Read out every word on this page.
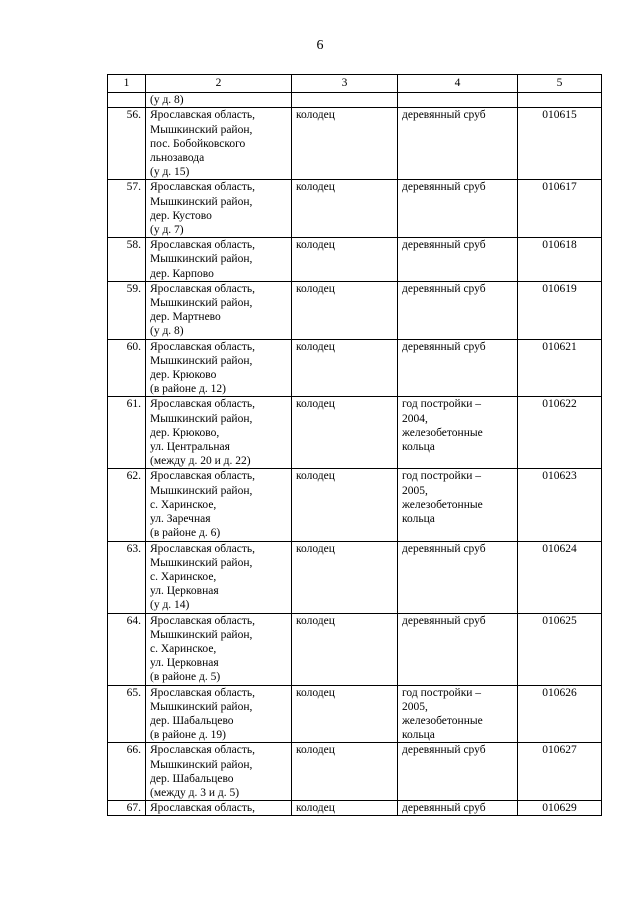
6
1	2	3	4	5

	(у д. 8)			

56.	Ярославская область,
Мышкинский район,
пос. Бобойковского
льнозавода
(у д. 15)	колодец	деревянный сруб	010615
57.	Ярославская область,
Мышкинский район,
дер. Кустово
(у д. 7)	колодец	деревянный сруб	010617
58.	Ярославская область,
Мышкинский район,
дер. Карпово	колодец	деревянный сруб	010618
59.	Ярославская область,
Мышкинский район,
дер. Мартнево
(у д. 8)	колодец	деревянный сруб	010619
60.	Ярославская область,
Мышкинский район,
дер. Крюково
(в районе д. 12)	колодец	деревянный сруб	010621
61.	Ярославская область,
Мышкинский район,
дер. Крюково,
ул. Центральная
(между д. 20 и д. 22)	колодец	год постройки –
2004,
железобетонные
кольца	010622
62.	Ярославская область,
Мышкинский район,
с. Харинское,
ул. Заречная
(в районе д. 6)	колодец	год постройки –
2005,
железобетонные
кольца	010623
63.	Ярославская область,
Мышкинский район,
с. Харинское,
ул. Церковная
(у д. 14)	колодец	деревянный сруб	010624
64.	Ярославская область,
Мышкинский район,
с. Харинское,
ул. Церковная
(в районе д. 5)	колодец	деревянный сруб	010625
65.	Ярославская область,
Мышкинский район,
дер. Шабальцево
(в районе д. 19)	колодец	год постройки –
2005,
железобетонные
кольца	010626
66.	Ярославская область,
Мышкинский район,
дер. Шабальцево
(между д. 3 и д. 5)	колодец	деревянный сруб	010627
67.	Ярославская область,	колодец	деревянный сруб	010629
